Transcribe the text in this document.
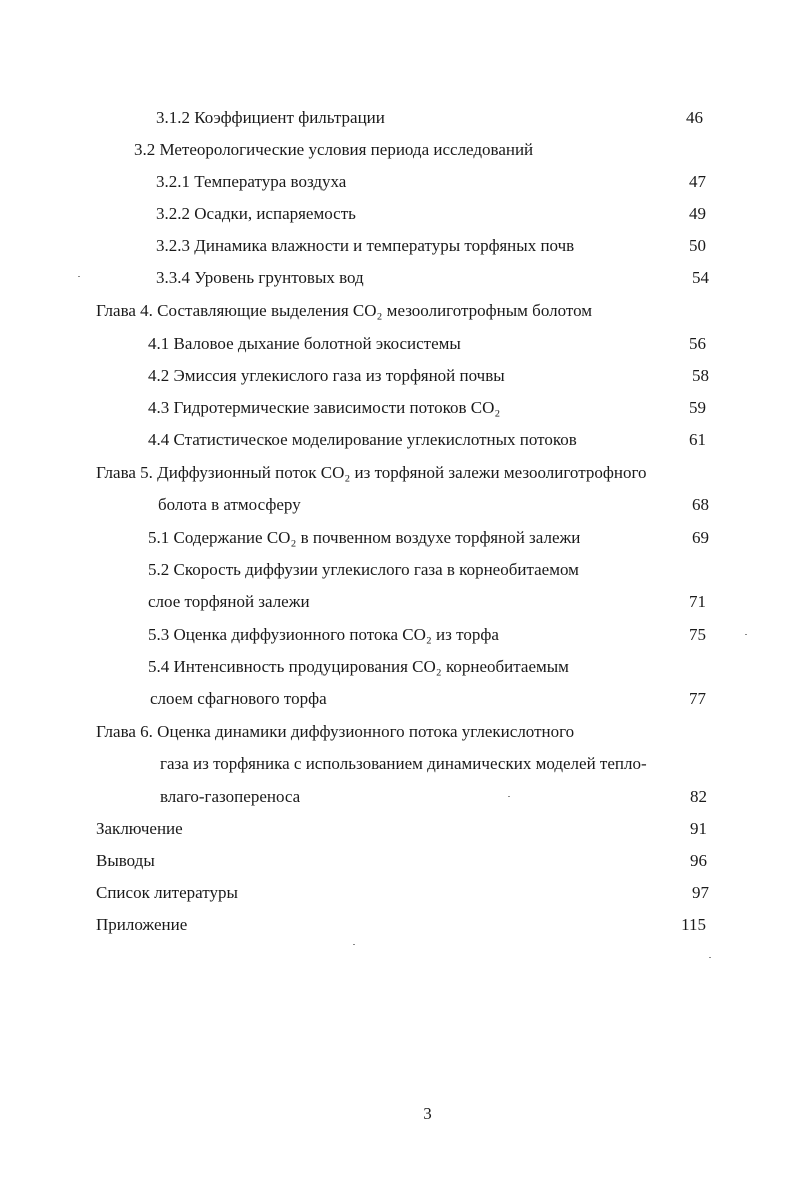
3.1.2 Коэффициент фильтрации	46
3.2 Метеорологические условия периода исследований
3.2.1 Температура воздуха	47
3.2.2 Осадки, испаряемость	49
3.2.3 Динамика влажности и температуры торфяных почв	50
3.3.4 Уровень грунтовых вод	54
Глава 4. Составляющие выделения CO₂ мезоолиготрофным болотом
4.1 Валовое дыхание болотной экосистемы	56
4.2 Эмиссия углекислого газа из торфяной почвы	58
4.3 Гидротермические зависимости потоков CO₂	59
4.4 Статистическое моделирование углекислотных потоков	61
Глава 5. Диффузионный поток CO₂ из торфяной залежи мезоолиготрофного
болота в атмосферу	68
5.1 Содержание CO₂ в почвенном воздухе торфяной залежи	69
5.2 Скорость диффузии углекислого газа в корнеобитаемом
слое торфяной залежи	71
5.3 Оценка диффузионного потока CO₂ из торфа	75
5.4 Интенсивность продуцирования CO₂ корнеобитаемым
слоем сфагнового торфа	77
Глава 6. Оценка динамики диффузионного потока углекислотного
газа из торфяника с использованием динамических моделей тепло-
влаго-газопереноса	82
Заключение	91
Выводы	96
Список литературы	97
Приложение	115
3
